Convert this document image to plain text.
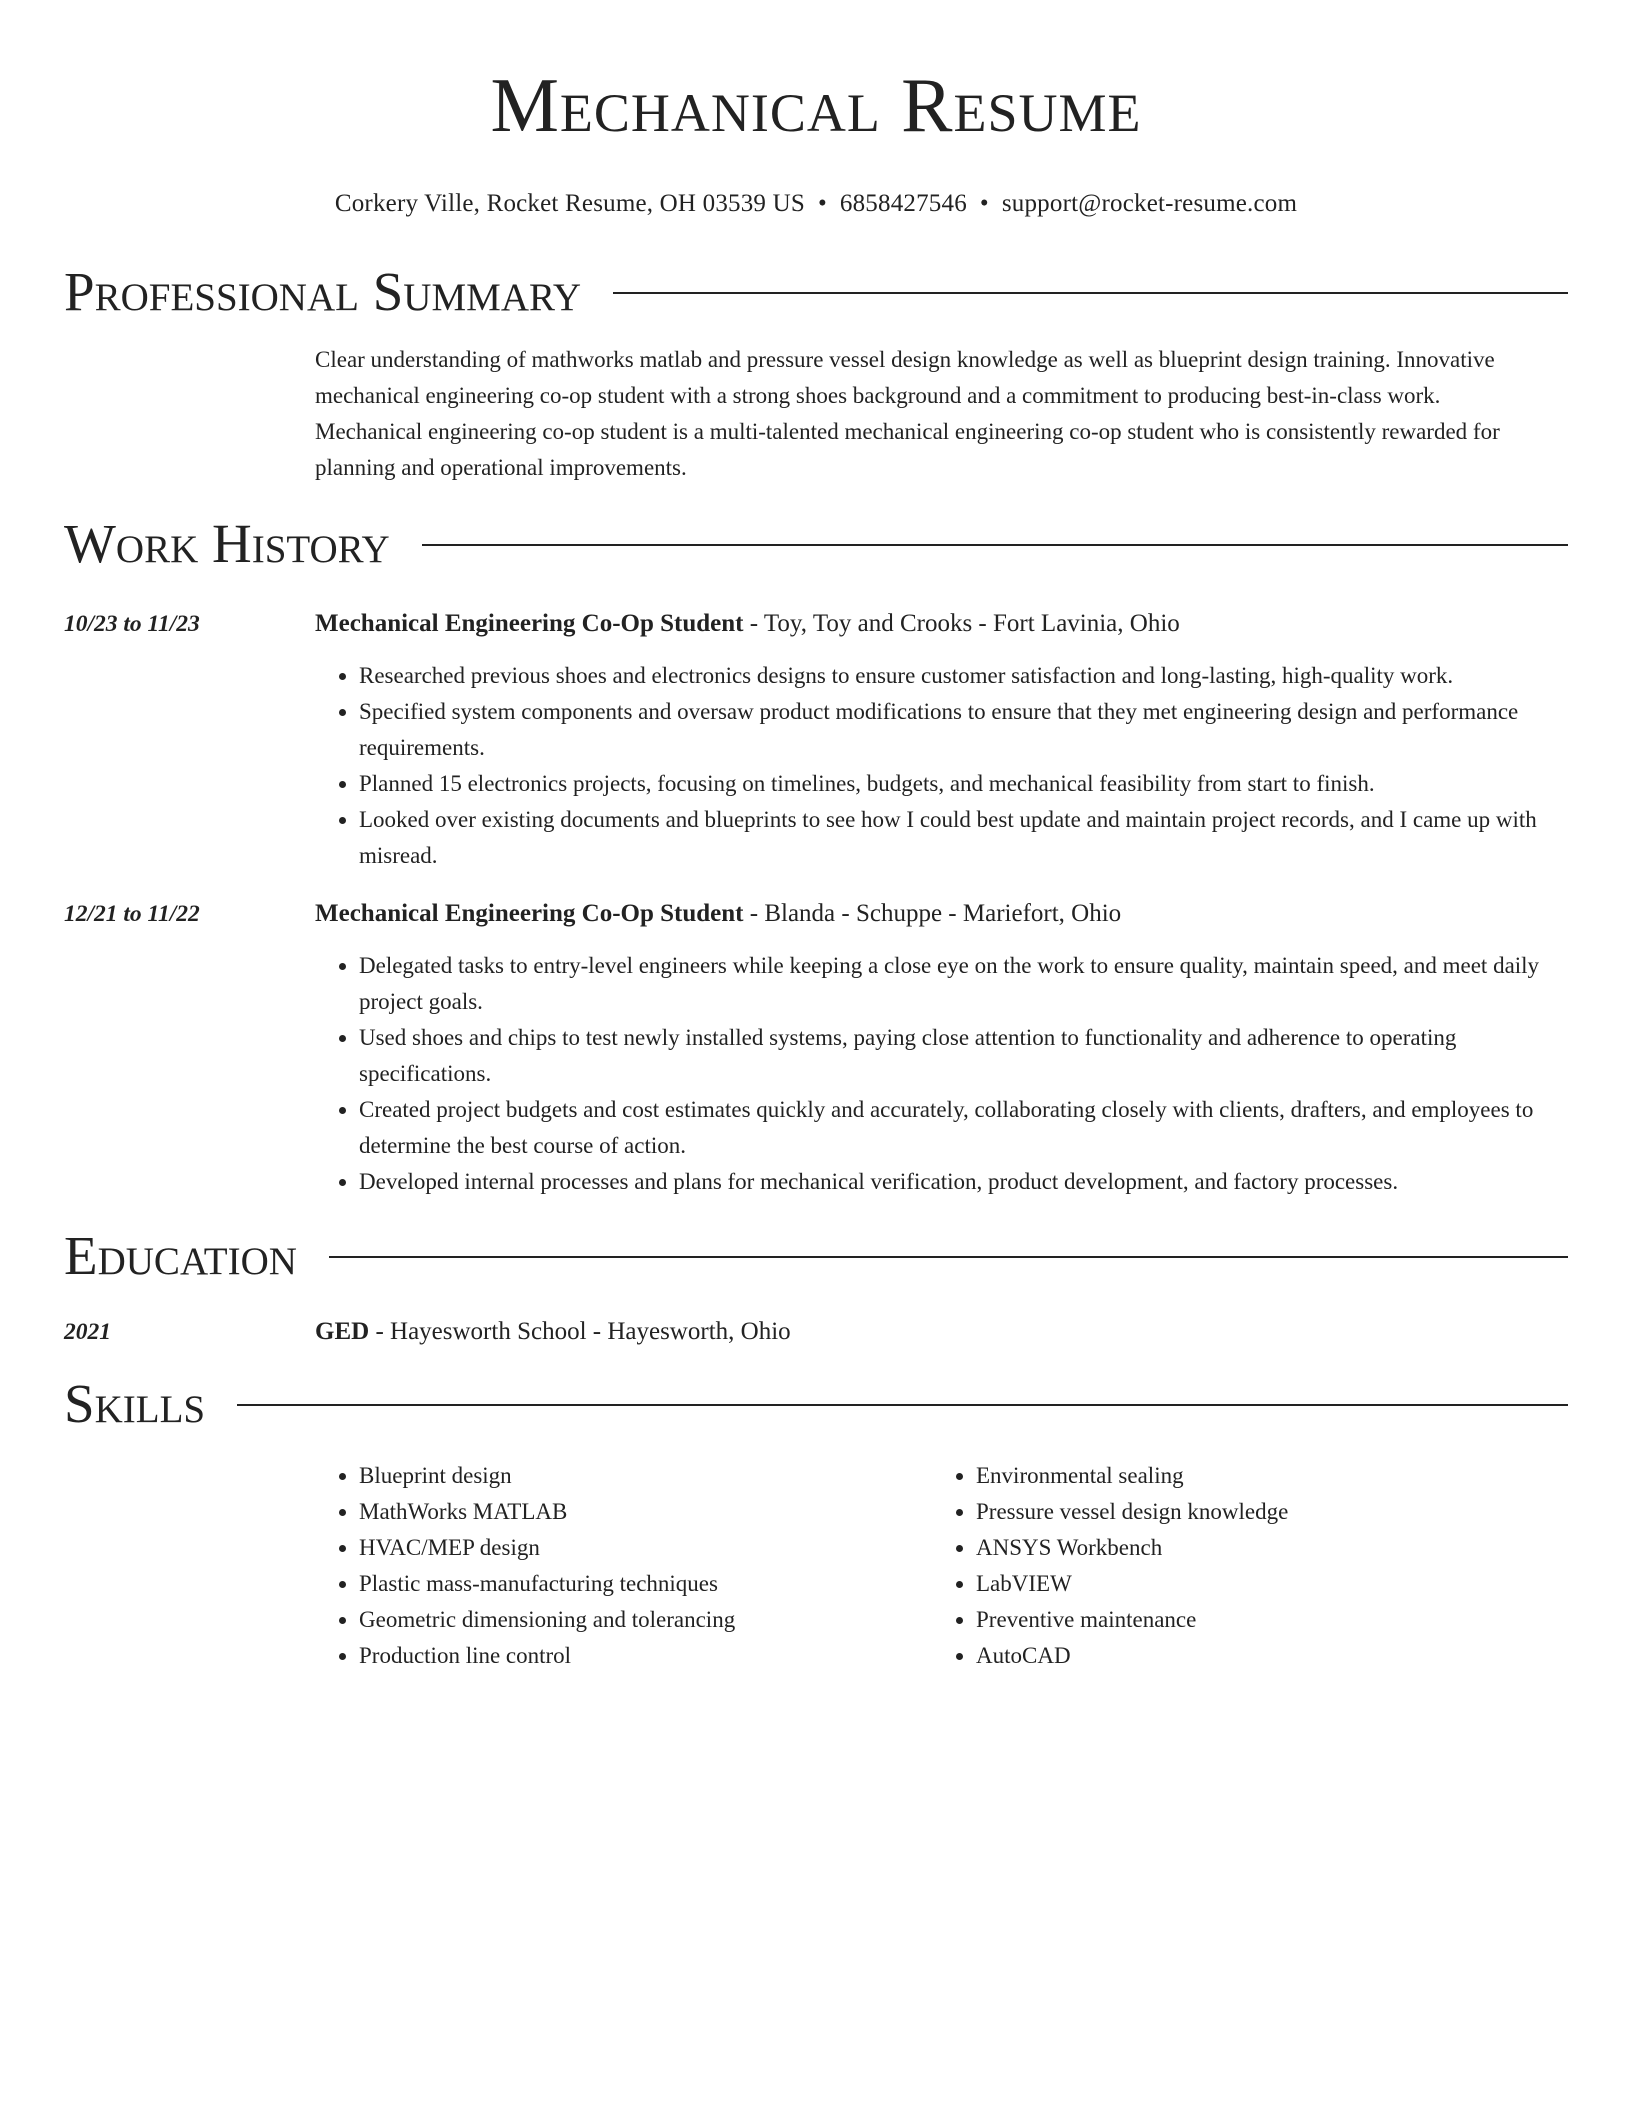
Mechanical Resume
Corkery Ville, Rocket Resume, OH 03539 US • 6858427546 • support@rocket-resume.com
Professional Summary
Clear understanding of mathworks matlab and pressure vessel design knowledge as well as blueprint design training. Innovative mechanical engineering co-op student with a strong shoes background and a commitment to producing best-in-class work. Mechanical engineering co-op student is a multi-talented mechanical engineering co-op student who is consistently rewarded for planning and operational improvements.
Work History
10/23 to 11/23	Mechanical Engineering Co-Op Student - Toy, Toy and Crooks - Fort Lavinia, Ohio
• Researched previous shoes and electronics designs to ensure customer satisfaction and long-lasting, high-quality work.
• Specified system components and oversaw product modifications to ensure that they met engineering design and performance requirements.
• Planned 15 electronics projects, focusing on timelines, budgets, and mechanical feasibility from start to finish.
• Looked over existing documents and blueprints to see how I could best update and maintain project records, and I came up with misread.
12/21 to 11/22	Mechanical Engineering Co-Op Student - Blanda - Schuppe - Mariefort, Ohio
• Delegated tasks to entry-level engineers while keeping a close eye on the work to ensure quality, maintain speed, and meet daily project goals.
• Used shoes and chips to test newly installed systems, paying close attention to functionality and adherence to operating specifications.
• Created project budgets and cost estimates quickly and accurately, collaborating closely with clients, drafters, and employees to determine the best course of action.
• Developed internal processes and plans for mechanical verification, product development, and factory processes.
Education
2021	GED - Hayesworth School - Hayesworth, Ohio
Skills
• Blueprint design
• MathWorks MATLAB
• HVAC/MEP design
• Plastic mass-manufacturing techniques
• Geometric dimensioning and tolerancing
• Production line control
• Environmental sealing
• Pressure vessel design knowledge
• ANSYS Workbench
• LabVIEW
• Preventive maintenance
• AutoCAD
